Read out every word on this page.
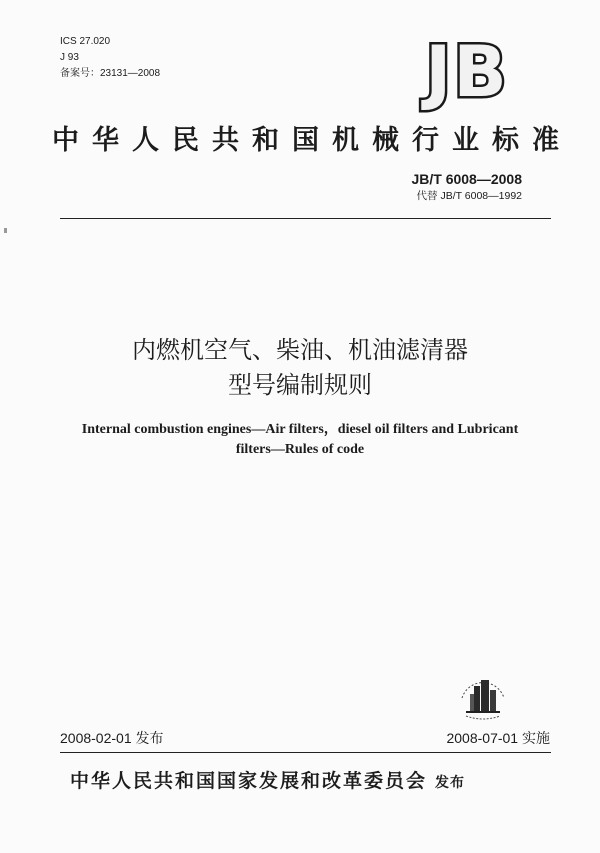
ICS 27.020
J 93
备案号：23131—2008	JB
中华人民共和国机械行业标准
JB/T 6008—2008
代替 JB/T 6008—1992
内燃机空气、柴油、机油滤清器
型号编制规则
Internal combustion engines—Air filters，diesel oil filters and Lubricant
filters—Rules of code
2008-02-01 发布	2008-07-01 实施
中华人民共和国国家发展和改革委员会 发布
